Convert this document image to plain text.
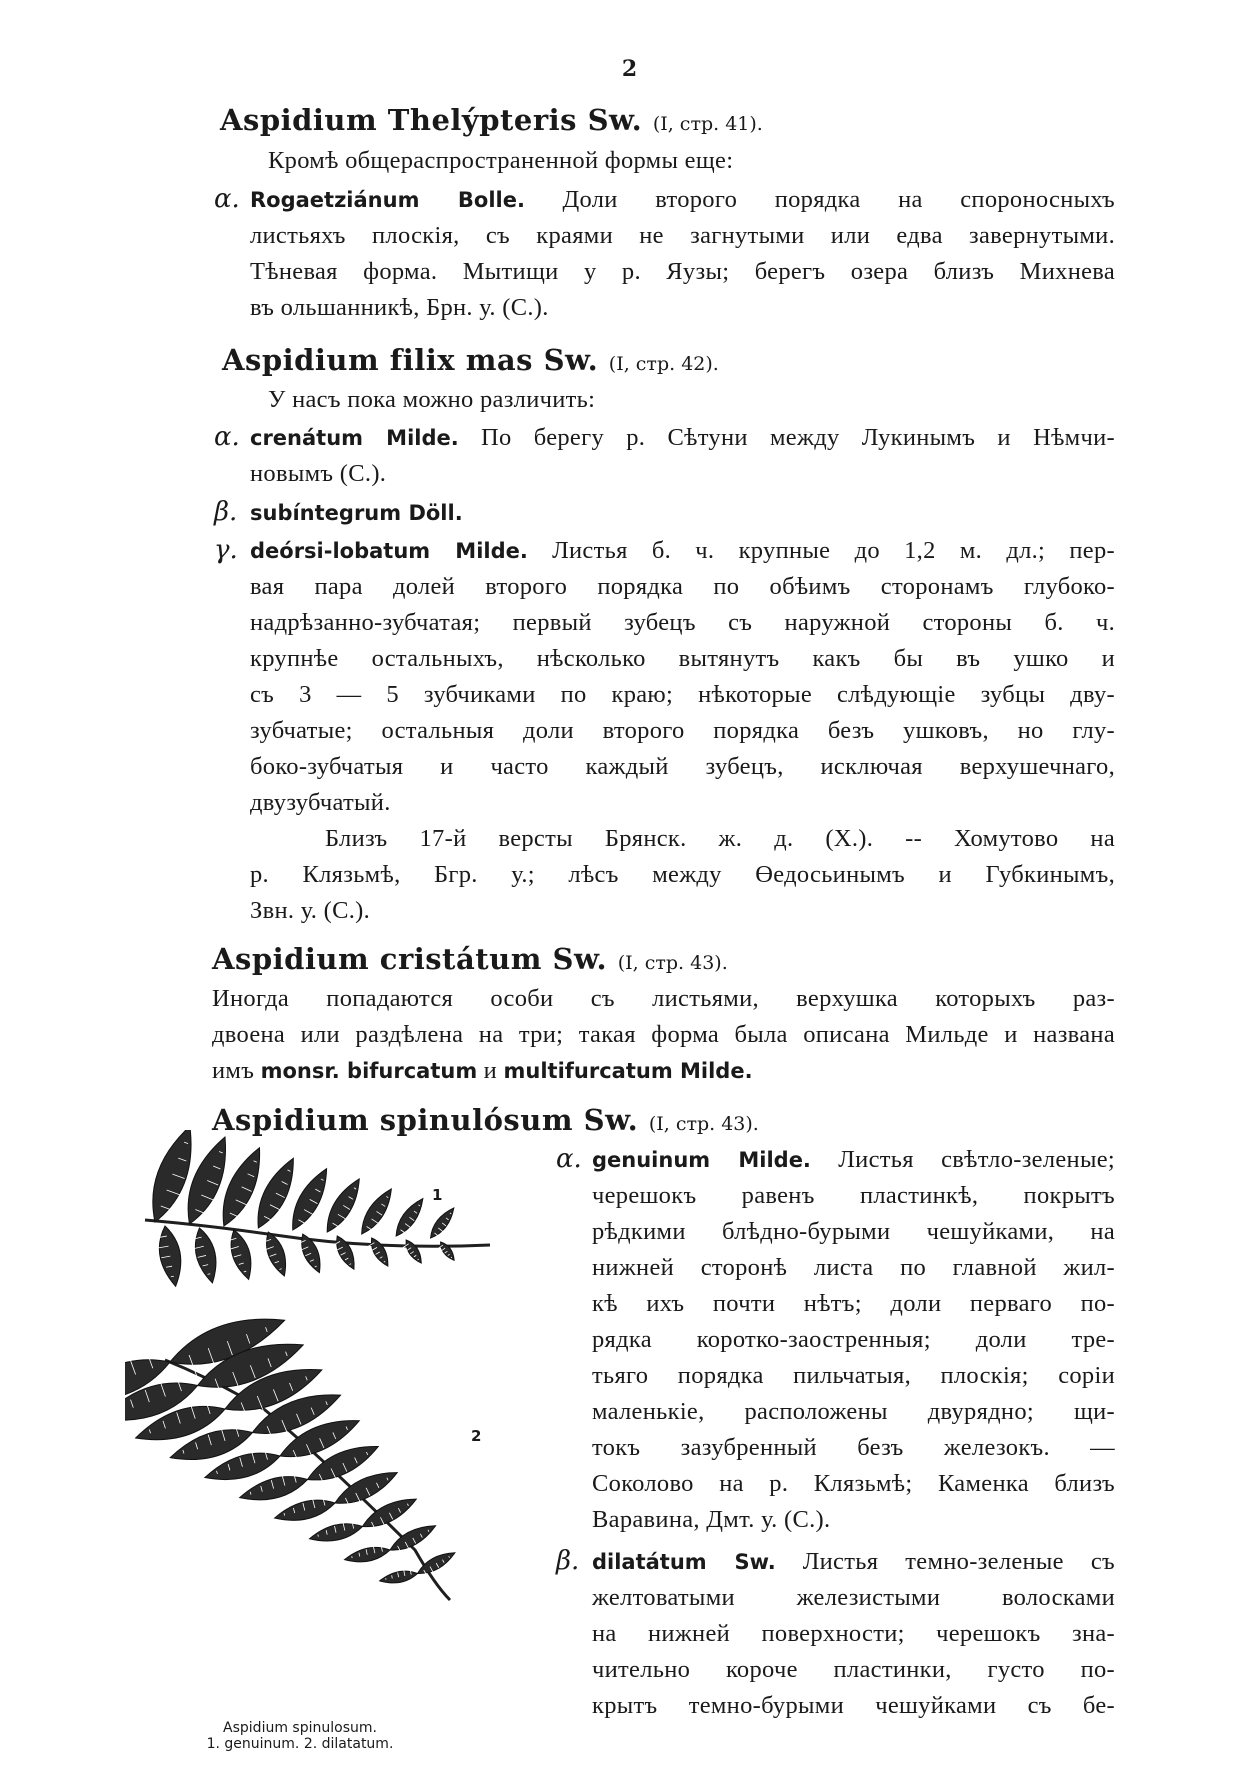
2
Aspidium Thelýpteris Sw. (I, стр. 41).
Кромѣ общераспространенной формы еще:
α. Rogaetziánum Bolle. Доли второго порядка на спороносныхъ
листьяхъ плоскія, съ краями не загнутыми или едва завернутыми.
Тѣневая форма. Мытищи у р. Яузы; берегъ озера близъ Михнева
въ ольшанникѣ, Брн. у. (С.).
Aspidium filix mas Sw. (I, стр. 42).
У насъ пока можно различить:
α. crenátum Milde. По берегу р. Сѣтуни между Лукинымъ и Нѣмчи-
новымъ (С.).
β. subíntegrum Döll.
γ. deórsi-lobatum Milde. Листья б. ч. крупные до 1,2 м. дл.; пер-
вая пара долей второго порядка по обѣимъ сторонамъ глубоко-
надрѣзанно-зубчатая; первый зубецъ съ наружной стороны б. ч.
крупнѣе остальныхъ, нѣсколько вытянутъ какъ бы въ ушко и
съ 3 — 5 зубчиками по краю; нѣкоторые слѣдующіе зубцы дву-
зубчатые; остальныя доли второго порядка безъ ушковъ, но глу-
боко-зубчатыя и часто каждый зубецъ, исключая верхушечнаго,
двузубчатый.
Близъ 17-й версты Брянск. ж. д. (X.). -- Хомутово на
р. Клязьмѣ, Бгр. у.; лѣсъ между Өедосьинымъ и Губкинымъ,
Звн. у. (С.).
Aspidium cristátum Sw. (I, стр. 43).
Иногда попадаются особи съ листьями, верхушка которыхъ раз-
двоена или раздѣлена на три; такая форма была описана Мильде и названа
имъ monsr. bifurcatum и multifurcatum Milde.
Aspidium spinulósum Sw. (I, стр. 43).
α. genuinum Milde. Листья свѣтло-зеленые;
черешокъ равенъ пластинкѣ, покрытъ
рѣдкими блѣдно-бурыми чешуйками, на
нижней сторонѣ листа по главной жил-
кѣ ихъ почти нѣтъ; доли перваго по-
рядка коротко-заостренныя; доли тре-
тьяго порядка пильчатыя, плоскія; соріи
маленькіе, расположены двурядно; щи-
токъ зазубренный безъ железокъ. —
Соколово на р. Клязьмѣ; Каменка близъ
Варавина, Дмт. у. (С.).
β. dilatátum Sw. Листья темно-зеленые съ
желтоватыми железистыми волосками
на нижней поверхности; черешокъ зна-
чительно короче пластинки, густо по-
крытъ темно-бурыми чешуйками съ бе-
1
2
Aspidium spinulosum.
1. genuinum. 2. dilatatum.
